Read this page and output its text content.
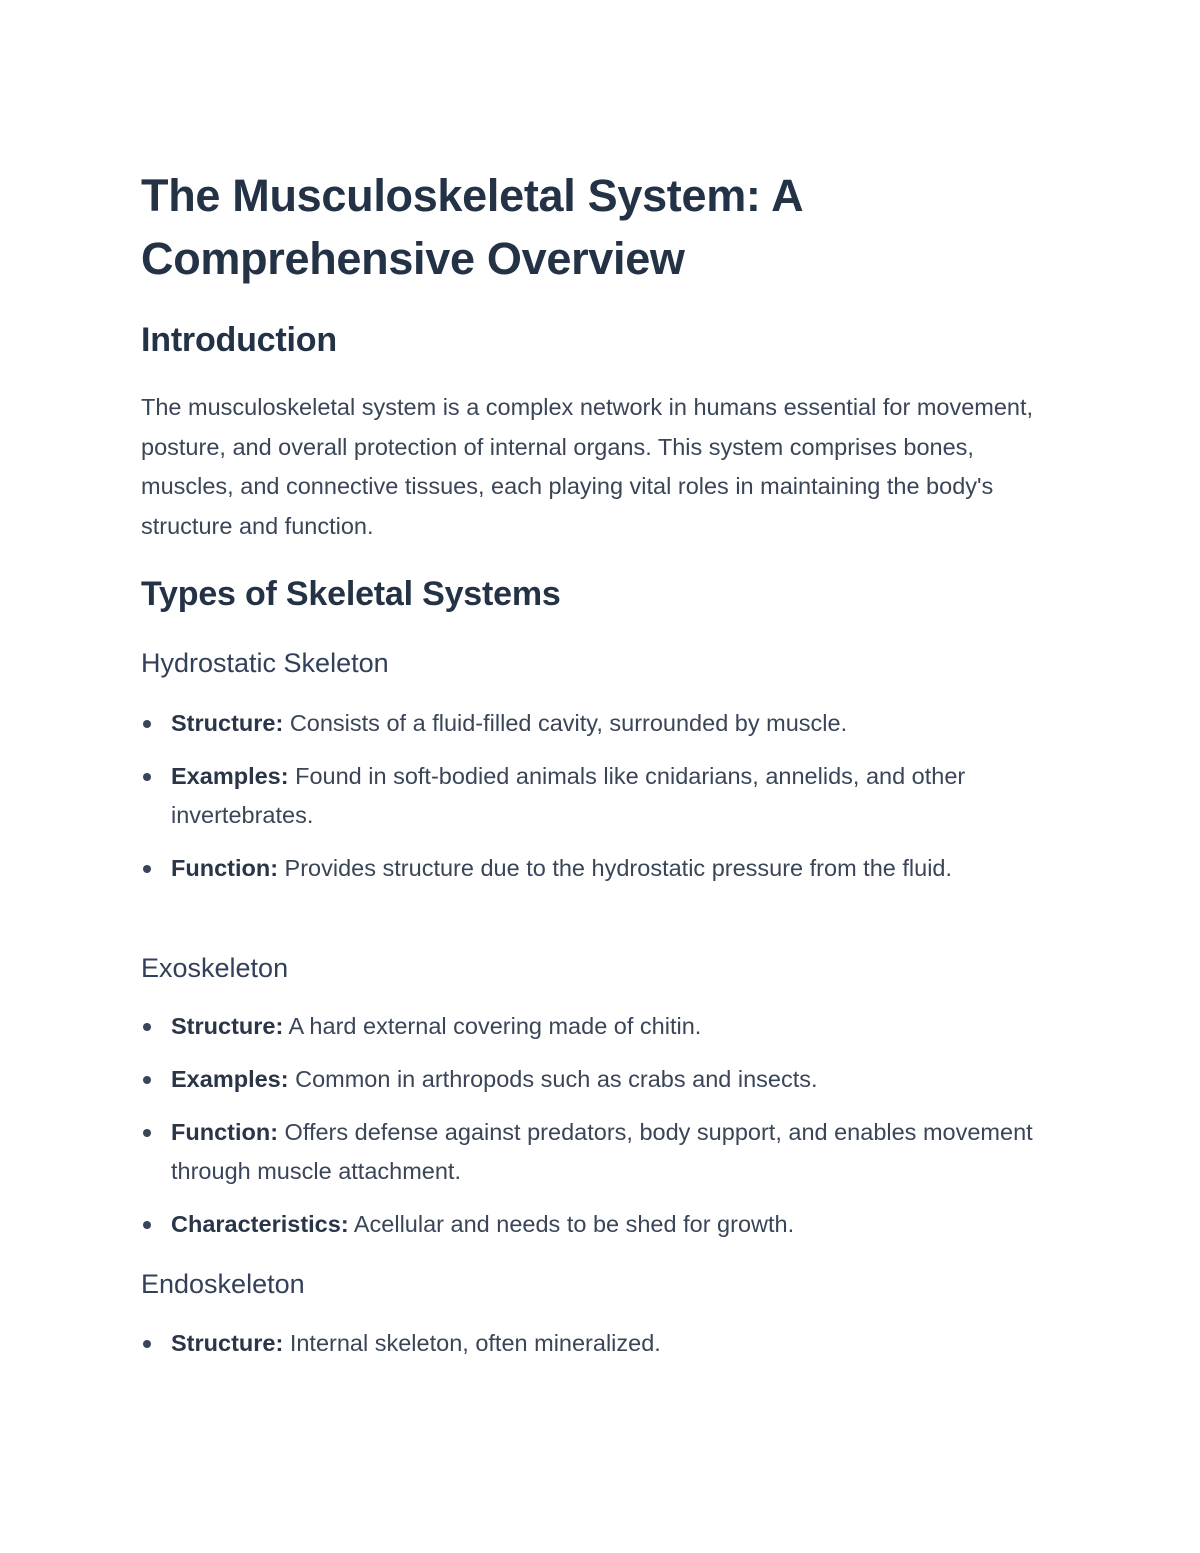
The Musculoskeletal System: A Comprehensive Overview
Introduction

The musculoskeletal system is a complex network in humans essential for movement, posture, and overall protection of internal organs. This system comprises bones, muscles, and connective tissues, each playing vital roles in maintaining the body's structure and function.

Types of Skeletal Systems
Hydrostatic Skeleton
Structure: Consists of a fluid-filled cavity, surrounded by muscle.
Examples: Found in soft-bodied animals like cnidarians, annelids, and other invertebrates.
Function: Provides structure due to the hydrostatic pressure from the fluid.
Exoskeleton
Structure: A hard external covering made of chitin.
Examples: Common in arthropods such as crabs and insects.
Function: Offers defense against predators, body support, and enables movement through muscle attachment.
Characteristics: Acellular and needs to be shed for growth.
Endoskeleton
Structure: Internal skeleton, often mineralized.
